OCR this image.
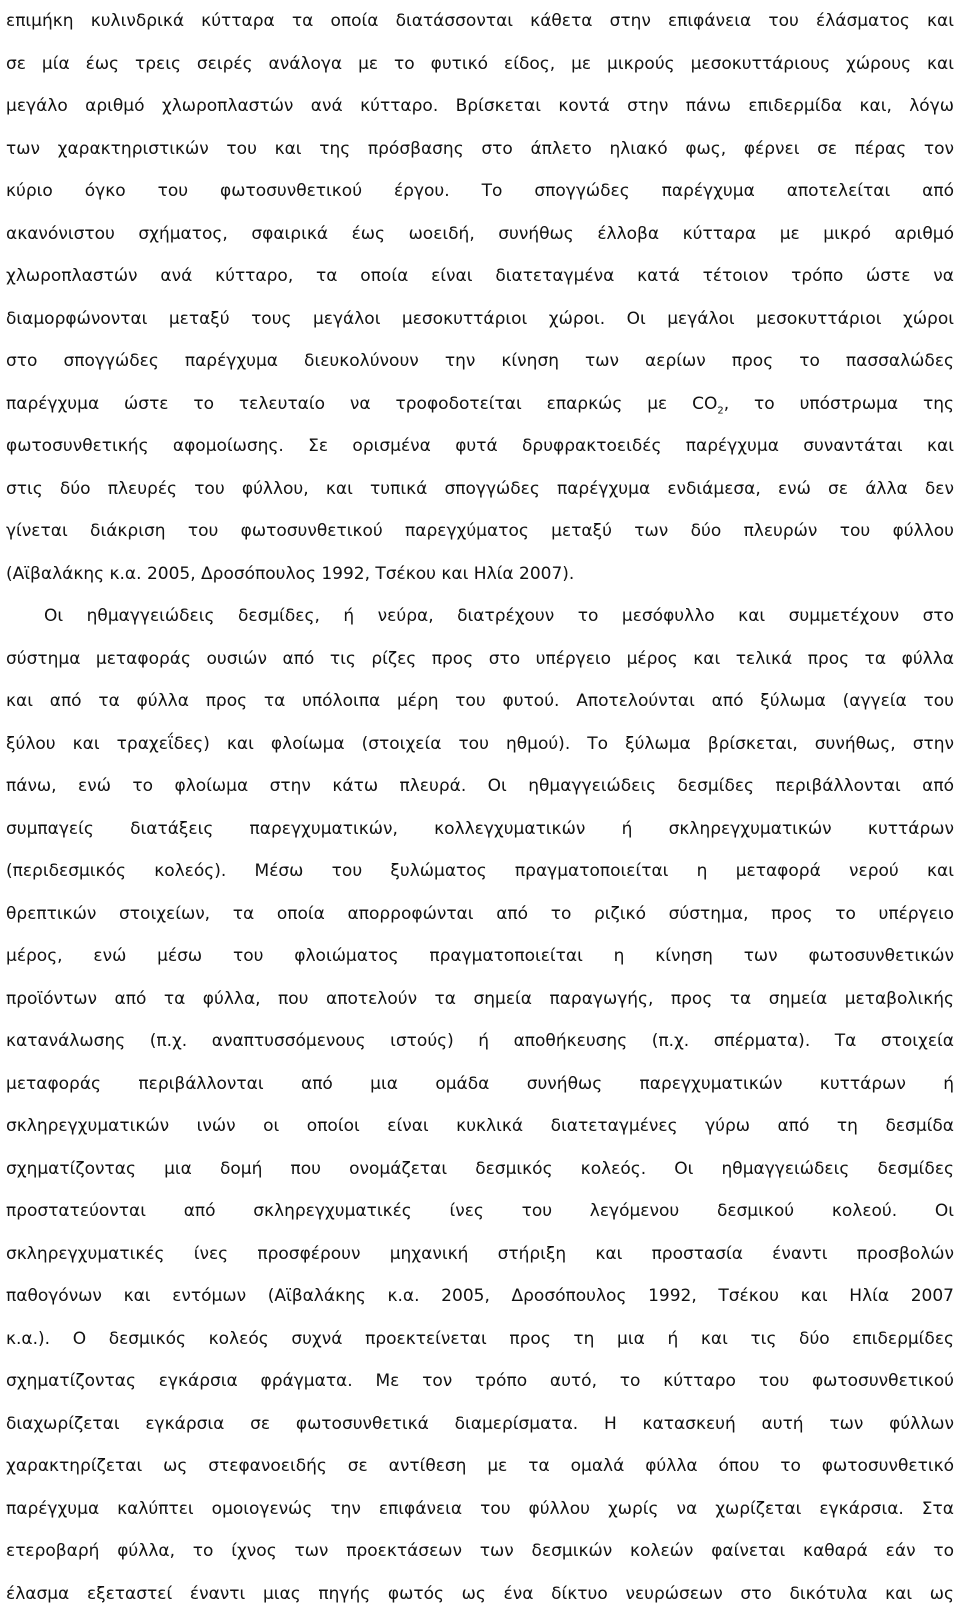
επιμήκη κυλινδρικά κύτταρα τα οποία διατάσσονται κάθετα στην επιφάνεια του έλάσματος και
σε μία έως τρεις σειρές ανάλογα με το φυτικό είδος, με μικρούς μεσοκυττάριους χώρους και
μεγάλο αριθμό χλωροπλαστών ανά κύτταρο. Βρίσκεται κοντά στην πάνω επιδερμίδα και, λόγω
των χαρακτηριστικών του και της πρόσβασης στο άπλετο ηλιακό φως, φέρνει σε πέρας τον
κύριο όγκο του φωτοσυνθετικού έργου. Το σπογγώδες παρέγχυμα αποτελείται από
ακανόνιστου σχήματος, σφαιρικά έως ωοειδή, συνήθως έλλοβα κύτταρα με μικρό αριθμό
χλωροπλαστών ανά κύτταρο, τα οποία είναι διατεταγμένα κατά τέτοιον τρόπο ώστε να
διαμορφώνονται μεταξύ τους μεγάλοι μεσοκυττάριοι χώροι. Οι μεγάλοι μεσοκυττάριοι χώροι
στο σπογγώδες παρέγχυμα διευκολύνουν την κίνηση των αερίων προς το πασσαλώδες
παρέγχυμα ώστε το τελευταίο να τροφοδοτείται επαρκώς με $CO_2$, το υπόστρωμα της
φωτοσυνθετικής αφομοίωσης. Σε ορισμένα φυτά δρυφρακτοειδές παρέγχυμα συναντάται και
στις δύο πλευρές του φύλλου, και τυπικά σπογγώδες παρέγχυμα ενδιάμεσα, ενώ σε άλλα δεν
γίνεται διάκριση του φωτοσυνθετικού παρεγχύματος μεταξύ των δύο πλευρών του φύλλου
(Αϊβαλάκης κ.α. 2005, Δροσόπουλος 1992, Τσέκου και Ηλία 2007).
Οι ηθμαγγειώδεις δεσμίδες, ή νεύρα, διατρέχουν το μεσόφυλλο και συμμετέχουν στο
σύστημα μεταφοράς ουσιών από τις ρίζες προς στο υπέργειο μέρος και τελικά προς τα φύλλα
και από τα φύλλα προς τα υπόλοιπα μέρη του φυτού. Αποτελούνται από ξύλωμα (αγγεία του
ξύλου και τραχεΐδες) και φλοίωμα (στοιχεία του ηθμού). Το ξύλωμα βρίσκεται, συνήθως, στην
πάνω, ενώ το φλοίωμα στην κάτω πλευρά. Οι ηθμαγγειώδεις δεσμίδες περιβάλλονται από
συμπαγείς διατάξεις παρεγχυματικών, κολλεγχυματικών ή σκληρεγχυματικών κυττάρων
(περιδεσμικός κολεός). Μέσω του ξυλώματος πραγματοποιείται η μεταφορά νερού και
θρεπτικών στοιχείων, τα οποία απορροφώνται από το ριζικό σύστημα, προς το υπέργειο
μέρος, ενώ μέσω του φλοιώματος πραγματοποιείται η κίνηση των φωτοσυνθετικών
προϊόντων από τα φύλλα, που αποτελούν τα σημεία παραγωγής, προς τα σημεία μεταβολικής
κατανάλωσης (π.χ. αναπτυσσόμενους ιστούς) ή αποθήκευσης (π.χ. σπέρματα). Τα στοιχεία
μεταφοράς περιβάλλονται από μια ομάδα συνήθως παρεγχυματικών κυττάρων ή
σκληρεγχυματικών ινών οι οποίοι είναι κυκλικά διατεταγμένες γύρω από τη δεσμίδα
σχηματίζοντας μια δομή που ονομάζεται δεσμικός κολεός. Οι ηθμαγγειώδεις δεσμίδες
προστατεύονται από σκληρεγχυματικές ίνες του λεγόμενου δεσμικού κολεού. Οι
σκληρεγχυματικές ίνες προσφέρουν μηχανική στήριξη και προστασία έναντι προσβολών
παθογόνων και εντόμων (Αϊβαλάκης κ.α. 2005, Δροσόπουλος 1992, Τσέκου και Ηλία 2007
κ.α.). Ο δεσμικός κολεός συχνά προεκτείνεται προς τη μια ή και τις δύο επιδερμίδες
σχηματίζοντας εγκάρσια φράγματα. Με τον τρόπο αυτό, το κύτταρο του φωτοσυνθετικού
διαχωρίζεται εγκάρσια σε φωτοσυνθετικά διαμερίσματα. Η κατασκευή αυτή των φύλλων
χαρακτηρίζεται ως στεφανοειδής σε αντίθεση με τα ομαλά φύλλα όπου το φωτοσυνθετικό
παρέγχυμα καλύπτει ομοιογενώς την επιφάνεια του φύλλου χωρίς να χωρίζεται εγκάρσια. Στα
ετεροβαρή φύλλα, το ίχνος των προεκτάσεων των δεσμικών κολεών φαίνεται καθαρά εάν το
έλασμα εξεταστεί έναντι μιας πηγής φωτός ως ένα δίκτυο νευρώσεων στο δικότυλα και ως
